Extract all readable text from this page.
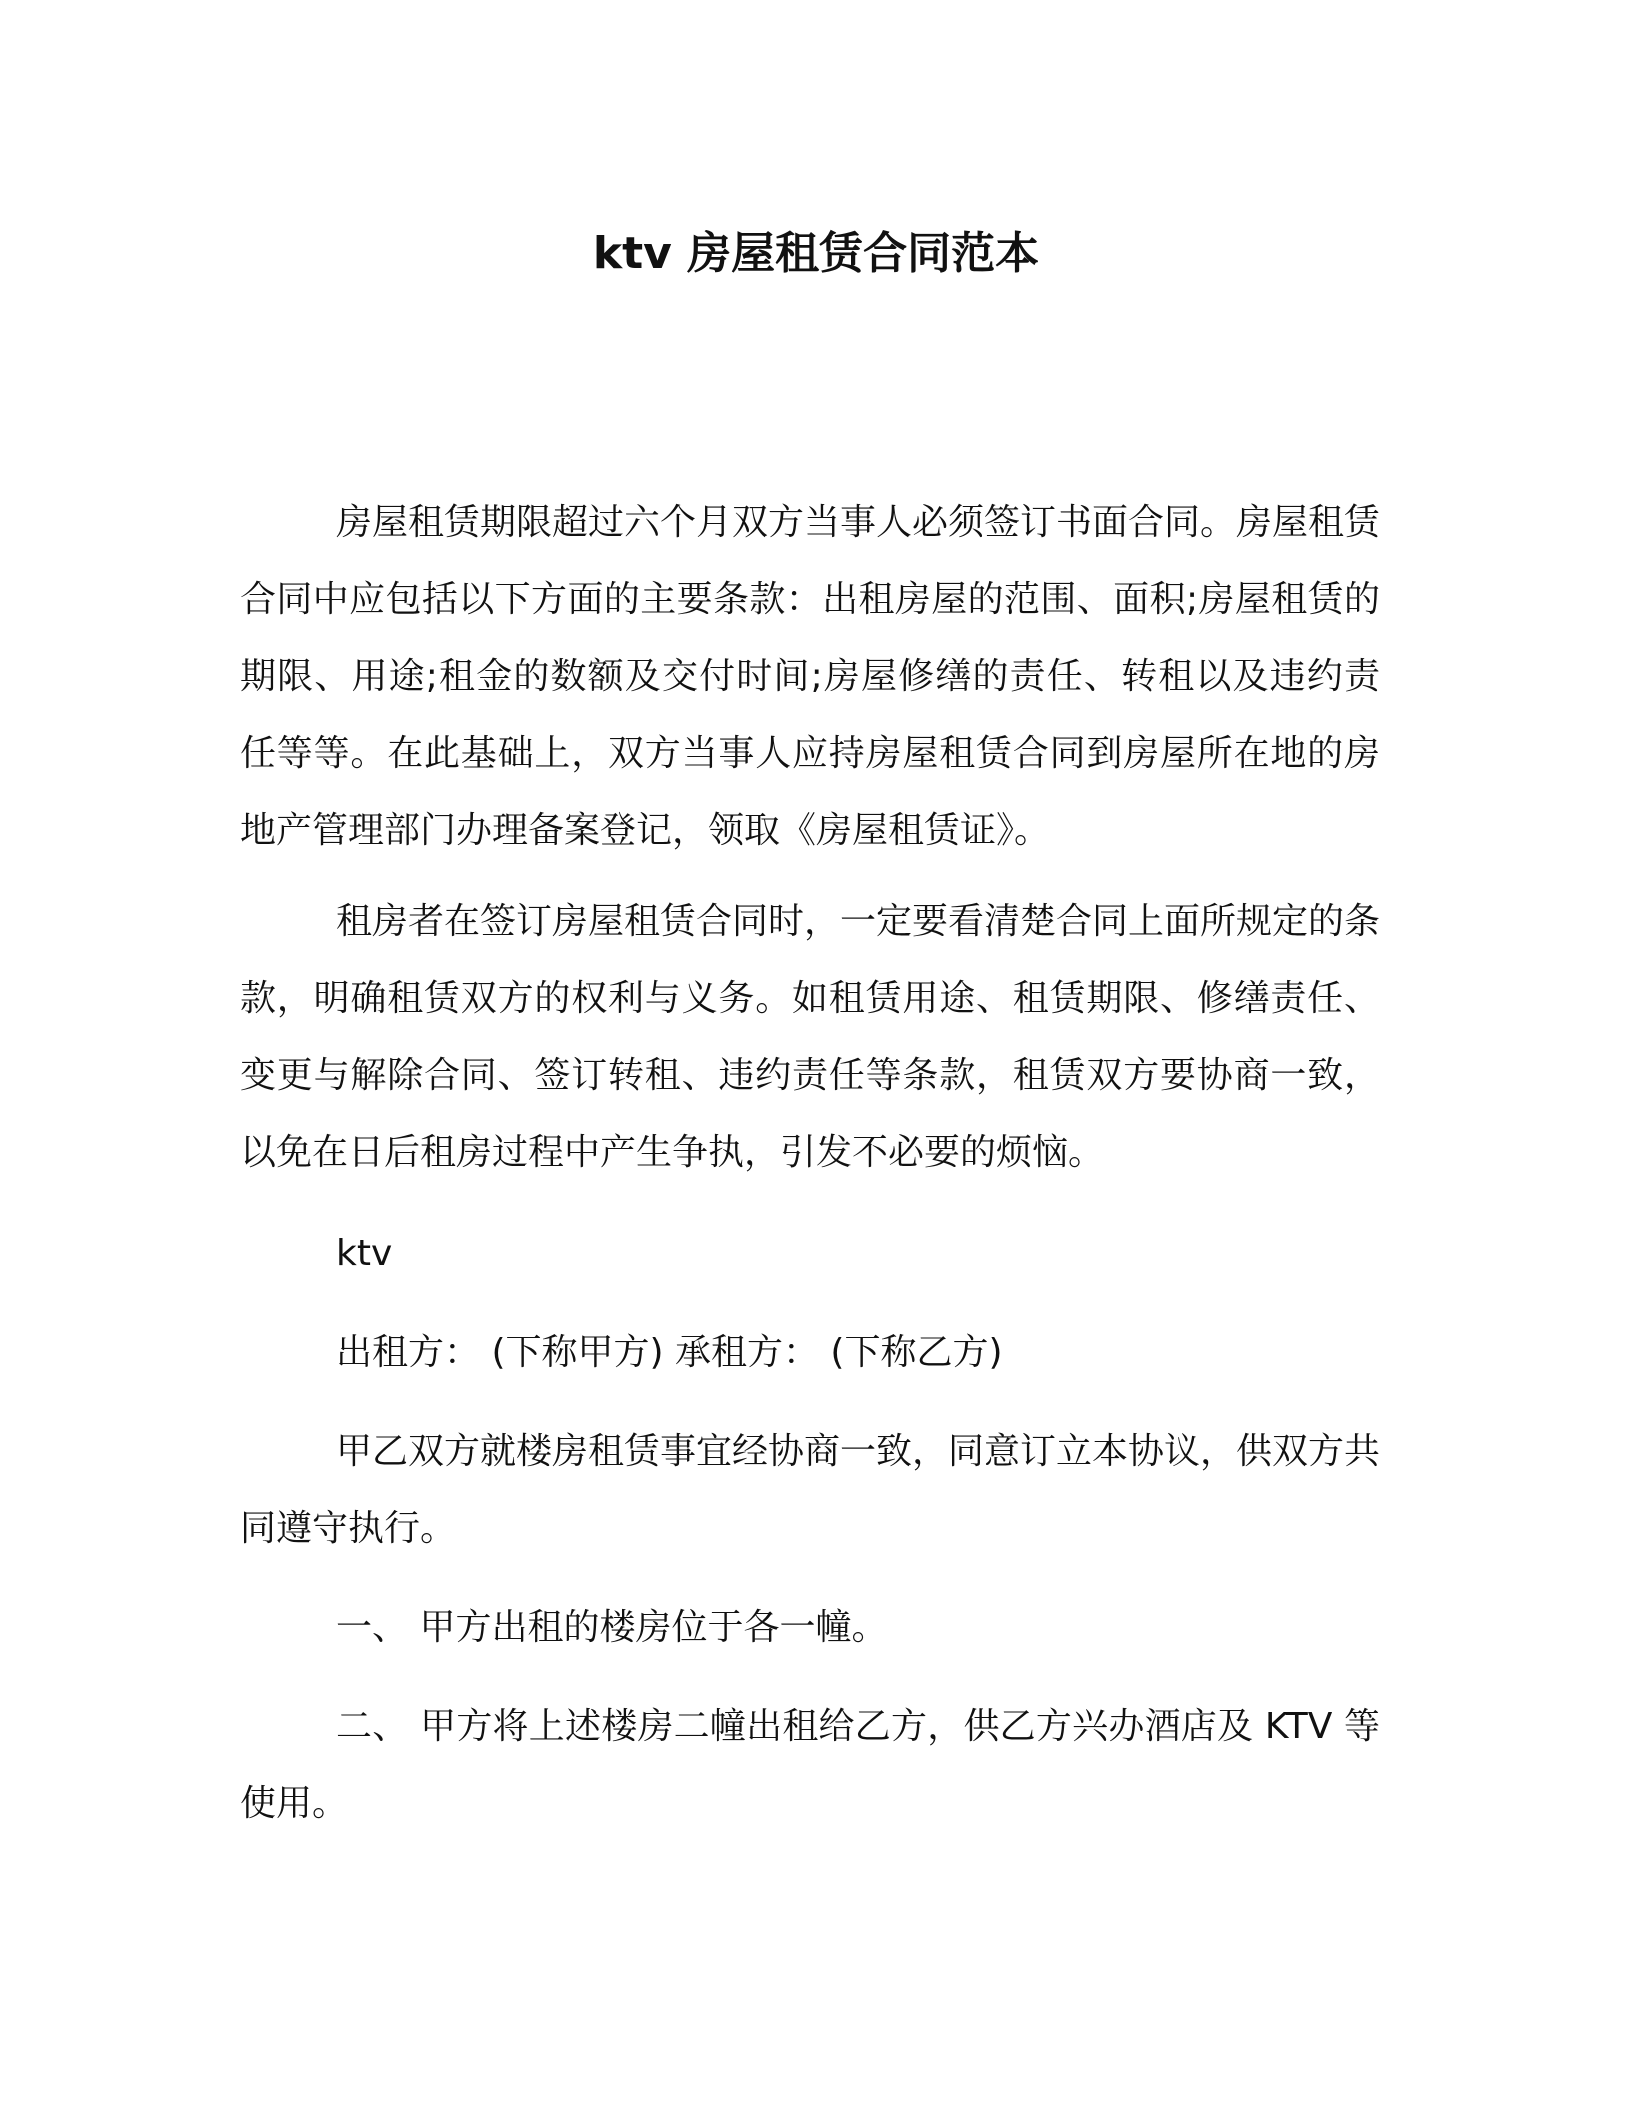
ktv 房屋租赁合同范本

房屋租赁期限超过六个月双方当事人必须签订书面合同。房屋租赁合同中应包括以下方面的主要条款：出租房屋的范围、面积;房屋租赁的期限、用途;租金的数额及交付时间;房屋修缮的责任、转租以及违约责任等等。在此基础上，双方当事人应持房屋租赁合同到房屋所在地的房地产管理部门办理备案登记，领取《房屋租赁证》。

租房者在签订房屋租赁合同时，一定要看清楚合同上面所规定的条款，明确租赁双方的权利与义务。如租赁用途、租赁期限、修缮责任、变更与解除合同、签订转租、违约责任等条款，租赁双方要协商一致，以免在日后租房过程中产生争执，引发不必要的烦恼。

ktv

出租方： (下称甲方) 承租方： (下称乙方)

甲乙双方就楼房租赁事宜经协商一致，同意订立本协议，供双方共同遵守执行。

一、 甲方出租的楼房位于各一幢。

二、 甲方将上述楼房二幢出租给乙方，供乙方兴办酒店及 KTV 等使用。
